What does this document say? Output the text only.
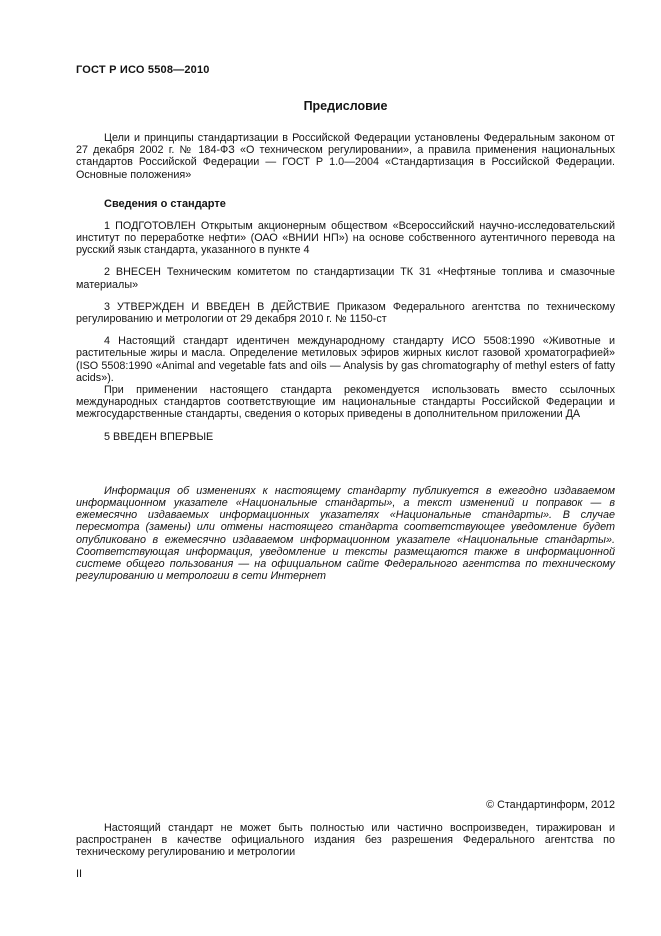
ГОСТ Р ИСО 5508—2010
Предисловие

Цели и принципы стандартизации в Российской Федерации установлены Федеральным законом от 27 декабря 2002 г. № 184-ФЗ «О техническом регулировании», а правила применения национальных стандартов Российской Федерации — ГОСТ Р 1.0—2004 «Стандартизация в Российской Федерации. Основные положения»

Сведения о стандарте

1 ПОДГОТОВЛЕН Открытым акционерным обществом «Всероссийский научно-исследовательский институт по переработке нефти» (ОАО «ВНИИ НП») на основе собственного аутентичного перевода на русский язык стандарта, указанного в пункте 4

2 ВНЕСЕН Техническим комитетом по стандартизации ТК 31 «Нефтяные топлива и смазочные материалы»

3 УТВЕРЖДЕН И ВВЕДЕН В ДЕЙСТВИЕ Приказом Федерального агентства по техническому регулированию и метрологии от 29 декабря 2010 г. № 1150-ст

4 Настоящий стандарт идентичен международному стандарту ИСО 5508:1990 «Животные и растительные жиры и масла. Определение метиловых эфиров жирных кислот газовой хроматографией» (ISO 5508:1990 «Animal and vegetable fats and oils — Analysis by gas chromatography of methyl esters of fatty acids»).

При применении настоящего стандарта рекомендуется использовать вместо ссылочных международных стандартов соответствующие им национальные стандарты Российской Федерации и межгосударственные стандарты, сведения о которых приведены в дополнительном приложении ДА

5 ВВЕДЕН ВПЕРВЫЕ

Информация об изменениях к настоящему стандарту публикуется в ежегодно издаваемом информационном указателе «Национальные стандарты», а текст изменений и поправок — в ежемесячно издаваемых информационных указателях «Национальные стандарты». В случае пересмотра (замены) или отмены настоящего стандарта соответствующее уведомление будет опубликовано в ежемесячно издаваемом информационном указателе «Национальные стандарты». Соответствующая информация, уведомление и тексты размещаются также в информационной системе общего пользования — на официальном сайте Федерального агентства по техническому регулированию и метрологии в сети Интернет

© Стандартинформ, 2012

Настоящий стандарт не может быть полностью или частично воспроизведен, тиражирован и распространен в качестве официального издания без разрешения Федерального агентства по техническому регулированию и метрологии

II
